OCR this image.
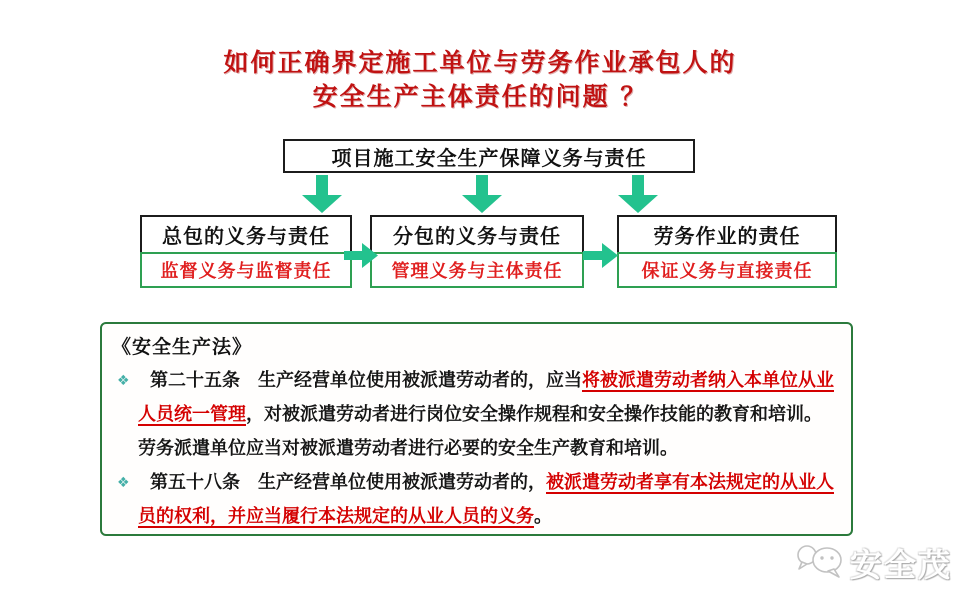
如何正确界定施工单位与劳务作业承包人的
安全生产主体责任的问题 ？
项目施工安全生产保障义务与责任
总包的义务与责任
监督义务与监督责任
分包的义务与责任
管理义务与主体责任
劳务作业的责任
保证义务与直接责任
《安全生产法》
❖ 第二十五条　生产经营单位使用被派遣劳动者的，应当将被派遣劳动者纳入本单位从业人员统一管理，对被派遣劳动者进行岗位安全操作规程和安全操作技能的教育和培训。劳务派遣单位应当对被派遣劳动者进行必要的安全生产教育和培训。
❖ 第五十八条　生产经营单位使用被派遣劳动者的，被派遣劳动者享有本法规定的从业人员的权利，并应当履行本法规定的从业人员的义务。
安全茂
